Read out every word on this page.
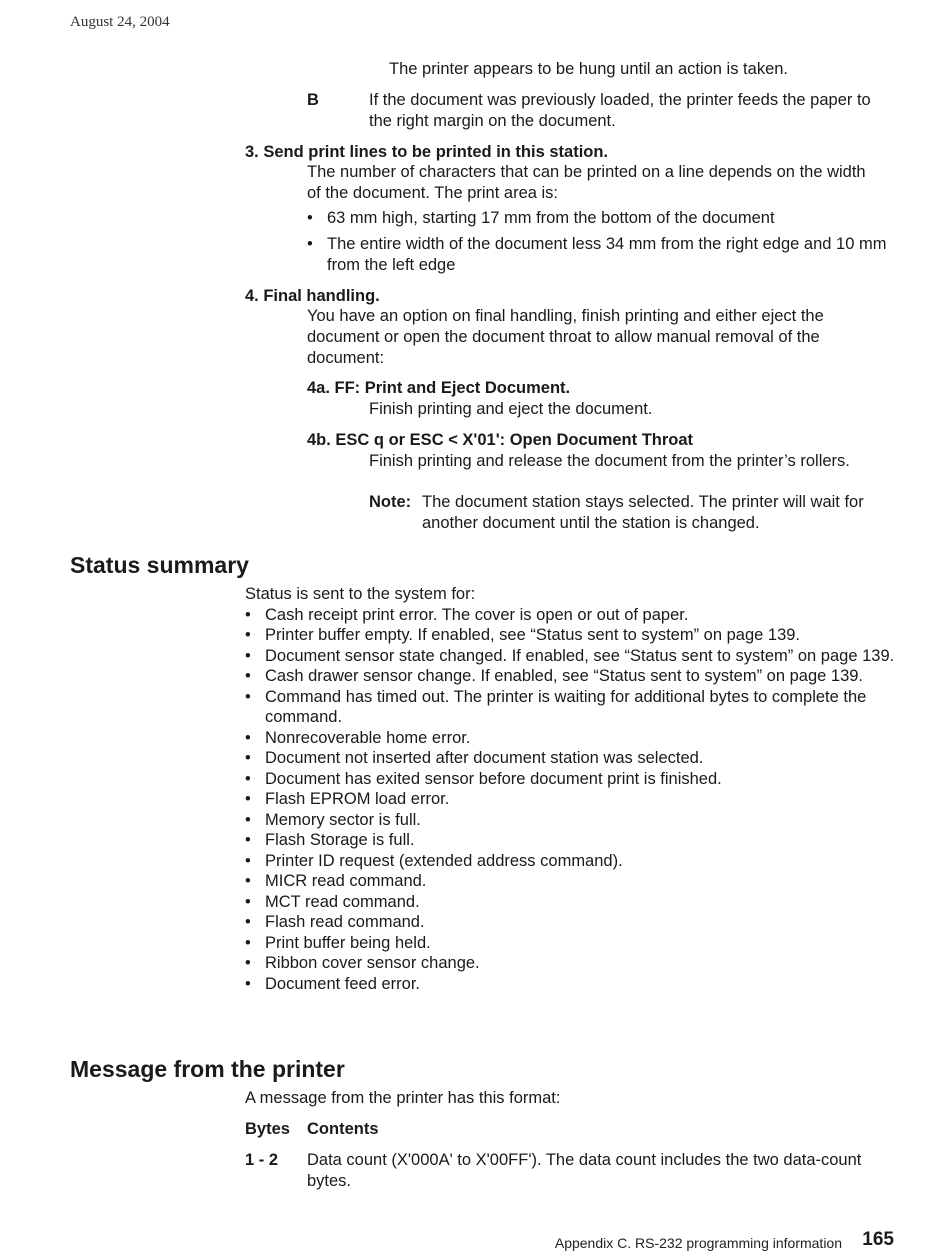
August 24, 2004
The printer appears to be hung until an action is taken.
B	If the document was previously loaded, the printer feeds the paper to the right margin on the document.
3. Send print lines to be printed in this station.
The number of characters that can be printed on a line depends on the width of the document. The print area is:
• 63 mm high, starting 17 mm from the bottom of the document
• The entire width of the document less 34 mm from the right edge and 10 mm from the left edge
4. Final handling.
You have an option on final handling, finish printing and either eject the document or open the document throat to allow manual removal of the document:
4a. FF: Print and Eject Document.
Finish printing and eject the document.
4b. ESC q or ESC < X'01': Open Document Throat
Finish printing and release the document from the printer’s rollers.
Note: The document station stays selected. The printer will wait for another document until the station is changed.
Status summary
Status is sent to the system for:
• Cash receipt print error. The cover is open or out of paper.
• Printer buffer empty. If enabled, see “Status sent to system” on page 139.
• Document sensor state changed. If enabled, see “Status sent to system” on page 139.
• Cash drawer sensor change. If enabled, see “Status sent to system” on page 139.
• Command has timed out. The printer is waiting for additional bytes to complete the command.
• Nonrecoverable home error.
• Document not inserted after document station was selected.
• Document has exited sensor before document print is finished.
• Flash EPROM load error.
• Memory sector is full.
• Flash Storage is full.
• Printer ID request (extended address command).
• MICR read command.
• MCT read command.
• Flash read command.
• Print buffer being held.
• Ribbon cover sensor change.
• Document feed error.
Message from the printer
A message from the printer has this format:
Bytes Contents
1 - 2 Data count (X'000A' to X'00FF'). The data count includes the two data-count bytes.
Appendix C. RS-232 programming information 165
